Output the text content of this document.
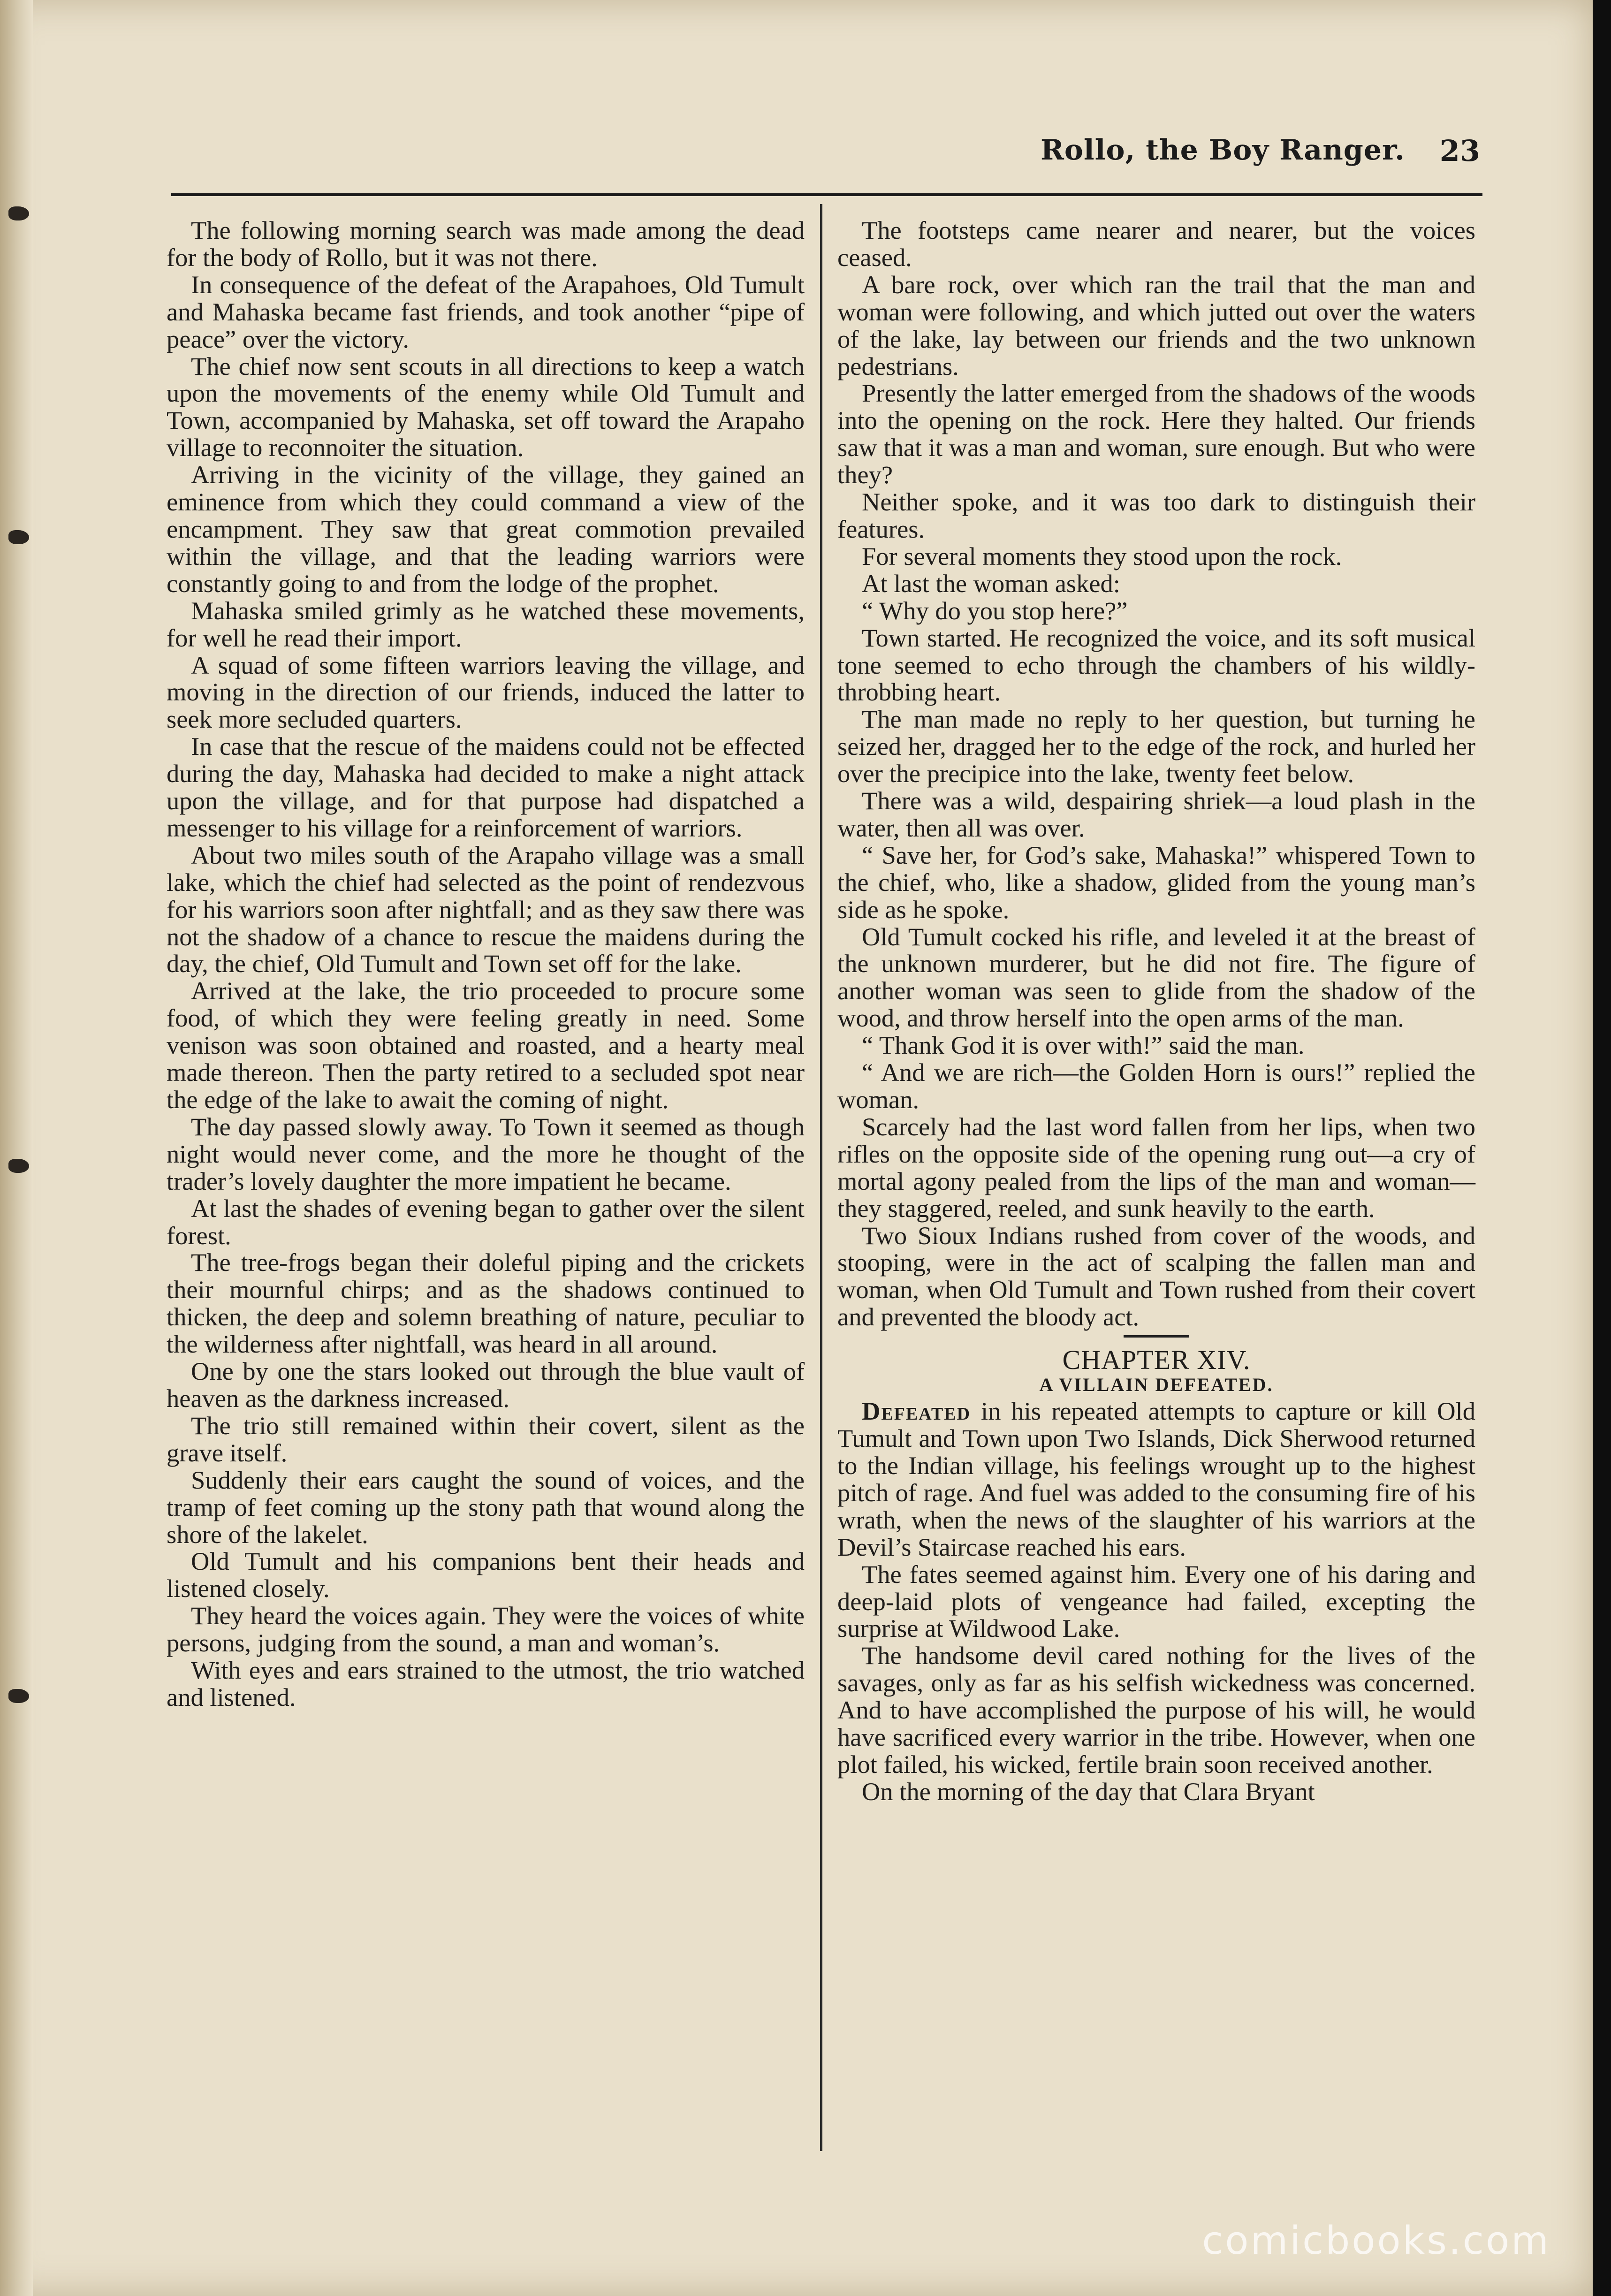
Rollo, the Boy Ranger. 23

The following morning search was made among the dead for the body of Rollo, but it was not there.

In consequence of the defeat of the Arapahoes, Old Tumult and Mahaska became fast friends, and took another “pipe of peace” over the victory.

The chief now sent scouts in all directions to keep a watch upon the movements of the enemy while Old Tumult and Town, accompanied by Mahaska, set off toward the Arapaho village to reconnoiter the situation.

Arriving in the vicinity of the village, they gained an eminence from which they could command a view of the encampment. They saw that great commotion prevailed within the village, and that the leading warriors were constantly going to and from the lodge of the prophet.

Mahaska smiled grimly as he watched these movements, for well he read their import.

A squad of some fifteen warriors leaving the village, and moving in the direction of our friends, induced the latter to seek more secluded quarters.

In case that the rescue of the maidens could not be effected during the day, Mahaska had decided to make a night attack upon the village, and for that purpose had dispatched a messenger to his village for a reinforcement of warriors.

About two miles south of the Arapaho village was a small lake, which the chief had selected as the point of rendezvous for his warriors soon after nightfall; and as they saw there was not the shadow of a chance to rescue the maidens during the day, the chief, Old Tumult and Town set off for the lake.

Arrived at the lake, the trio proceeded to procure some food, of which they were feeling greatly in need. Some venison was soon obtained and roasted, and a hearty meal made thereon. Then the party retired to a secluded spot near the edge of the lake to await the coming of night.

The day passed slowly away. To Town it seemed as though night would never come, and the more he thought of the trader’s lovely daughter the more impatient he became.

At last the shades of evening began to gather over the silent forest.

The tree-frogs began their doleful piping and the crickets their mournful chirps; and as the shadows continued to thicken, the deep and solemn breathing of nature, peculiar to the wilderness after nightfall, was heard in all around.

One by one the stars looked out through the blue vault of heaven as the darkness increased.

The trio still remained within their covert, silent as the grave itself.

Suddenly their ears caught the sound of voices, and the tramp of feet coming up the stony path that wound along the shore of the lakelet.

Old Tumult and his companions bent their heads and listened closely.

They heard the voices again. They were the voices of white persons, judging from the sound, a man and woman’s.

With eyes and ears strained to the utmost, the trio watched and listened.

The footsteps came nearer and nearer, but the voices ceased.

A bare rock, over which ran the trail that the man and woman were following, and which jutted out over the waters of the lake, lay between our friends and the two unknown pedestrians.

Presently the latter emerged from the shadows of the woods into the opening on the rock. Here they halted. Our friends saw that it was a man and woman, sure enough. But who were they?

Neither spoke, and it was too dark to distinguish their features.

For several moments they stood upon the rock.

At last the woman asked:

“ Why do you stop here?”

Town started. He recognized the voice, and its soft musical tone seemed to echo through the chambers of his wildly-throbbing heart.

The man made no reply to her question, but turning he seized her, dragged her to the edge of the rock, and hurled her over the precipice into the lake, twenty feet below.

There was a wild, despairing shriek—a loud plash in the water, then all was over.

“ Save her, for God’s sake, Mahaska!” whispered Town to the chief, who, like a shadow, glided from the young man’s side as he spoke.

Old Tumult cocked his rifle, and leveled it at the breast of the unknown murderer, but he did not fire. The figure of another woman was seen to glide from the shadow of the wood, and throw herself into the open arms of the man.

“ Thank God it is over with!” said the man.

“ And we are rich—the Golden Horn is ours!” replied the woman.

Scarcely had the last word fallen from her lips, when two rifles on the opposite side of the opening rung out—a cry of mortal agony pealed from the lips of the man and woman—they staggered, reeled, and sunk heavily to the earth.

Two Sioux Indians rushed from cover of the woods, and stooping, were in the act of scalping the fallen man and woman, when Old Tumult and Town rushed from their covert and prevented the bloody act.

CHAPTER XIV.
A VILLAIN DEFEATED.

Defeated in his repeated attempts to capture or kill Old Tumult and Town upon Two Islands, Dick Sherwood returned to the Indian village, his feelings wrought up to the highest pitch of rage. And fuel was added to the consuming fire of his wrath, when the news of the slaughter of his warriors at the Devil’s Staircase reached his ears.

The fates seemed against him. Every one of his daring and deep-laid plots of vengeance had failed, excepting the surprise at Wildwood Lake.

The handsome devil cared nothing for the lives of the savages, only as far as his selfish wickedness was concerned. And to have accomplished the purpose of his will, he would have sacrificed every warrior in the tribe. However, when one plot failed, his wicked, fertile brain soon received another.

On the morning of the day that Clara Bryant

comicbooks.com
